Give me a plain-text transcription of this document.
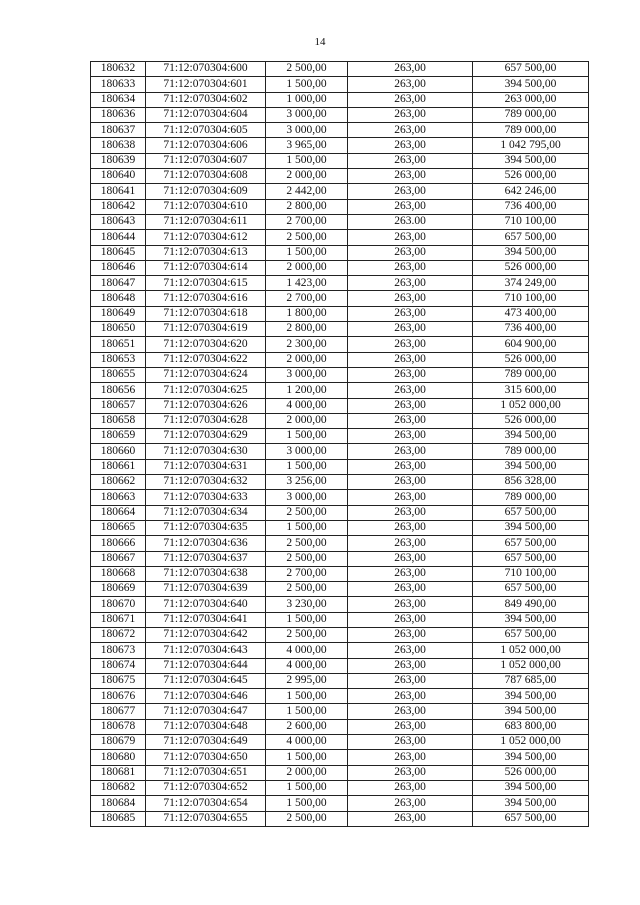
14
180632	71:12:070304:600	2 500,00	263,00	657 500,00
180633	71:12:070304:601	1 500,00	263,00	394 500,00
180634	71:12:070304:602	1 000,00	263,00	263 000,00
180636	71:12:070304:604	3 000,00	263,00	789 000,00
180637	71:12:070304:605	3 000,00	263,00	789 000,00
180638	71:12:070304:606	3 965,00	263,00	1 042 795,00
180639	71:12:070304:607	1 500,00	263,00	394 500,00
180640	71:12:070304:608	2 000,00	263,00	526 000,00
180641	71:12:070304:609	2 442,00	263,00	642 246,00
180642	71:12:070304:610	2 800,00	263,00	736 400,00
180643	71:12:070304:611	2 700,00	263.00	710 100,00
180644	71:12:070304:612	2 500,00	263,00	657 500,00
180645	71:12:070304:613	1 500,00	263,00	394 500,00
180646	71:12:070304:614	2 000,00	263,00	526 000,00
180647	71:12:070304:615	1 423,00	263,00	374 249,00
180648	71:12:070304:616	2 700,00	263,00	710 100,00
180649	71:12:070304:618	1 800,00	263,00	473 400,00
180650	71:12:070304:619	2 800,00	263,00	736 400,00
180651	71:12:070304:620	2 300,00	263,00	604 900,00
180653	71:12:070304:622	2 000,00	263,00	526 000,00
180655	71:12:070304:624	3 000,00	263,00	789 000,00
180656	71:12:070304:625	1 200,00	263,00	315 600,00
180657	71:12:070304:626	4 000,00	263,00	1 052 000,00
180658	71:12:070304:628	2 000,00	263,00	526 000,00
180659	71:12:070304:629	1 500,00	263,00	394 500,00
180660	71:12:070304:630	3 000,00	263,00	789 000,00
180661	71:12:070304:631	1 500,00	263,00	394 500,00
180662	71:12:070304:632	3 256,00	263,00	856 328,00
180663	71:12:070304:633	3 000,00	263,00	789 000,00
180664	71:12:070304:634	2 500,00	263,00	657 500,00
180665	71:12:070304:635	1 500,00	263,00	394 500,00
180666	71:12:070304:636	2 500,00	263,00	657 500,00
180667	71:12:070304:637	2 500,00	263,00	657 500,00
180668	71:12:070304:638	2 700,00	263,00	710 100,00
180669	71:12:070304:639	2 500,00	263,00	657 500,00
180670	71:12:070304:640	3 230,00	263,00	849 490,00
180671	71:12:070304:641	1 500,00	263,00	394 500,00
180672	71:12:070304:642	2 500,00	263,00	657 500,00
180673	71:12:070304:643	4 000,00	263,00	1 052 000,00
180674	71:12:070304:644	4 000,00	263,00	1 052 000,00
180675	71:12:070304:645	2 995,00	263,00	787 685,00
180676	71:12:070304:646	1 500,00	263,00	394 500,00
180677	71:12:070304:647	1 500,00	263,00	394 500,00
180678	71:12:070304:648	2 600,00	263,00	683 800,00
180679	71:12:070304:649	4 000,00	263,00	1 052 000,00
180680	71:12:070304:650	1 500,00	263,00	394 500,00
180681	71:12:070304:651	2 000,00	263,00	526 000,00
180682	71:12:070304:652	1 500,00	263,00	394 500,00
180684	71:12:070304:654	1 500,00	263,00	394 500,00
180685	71:12:070304:655	2 500,00	263,00	657 500,00
